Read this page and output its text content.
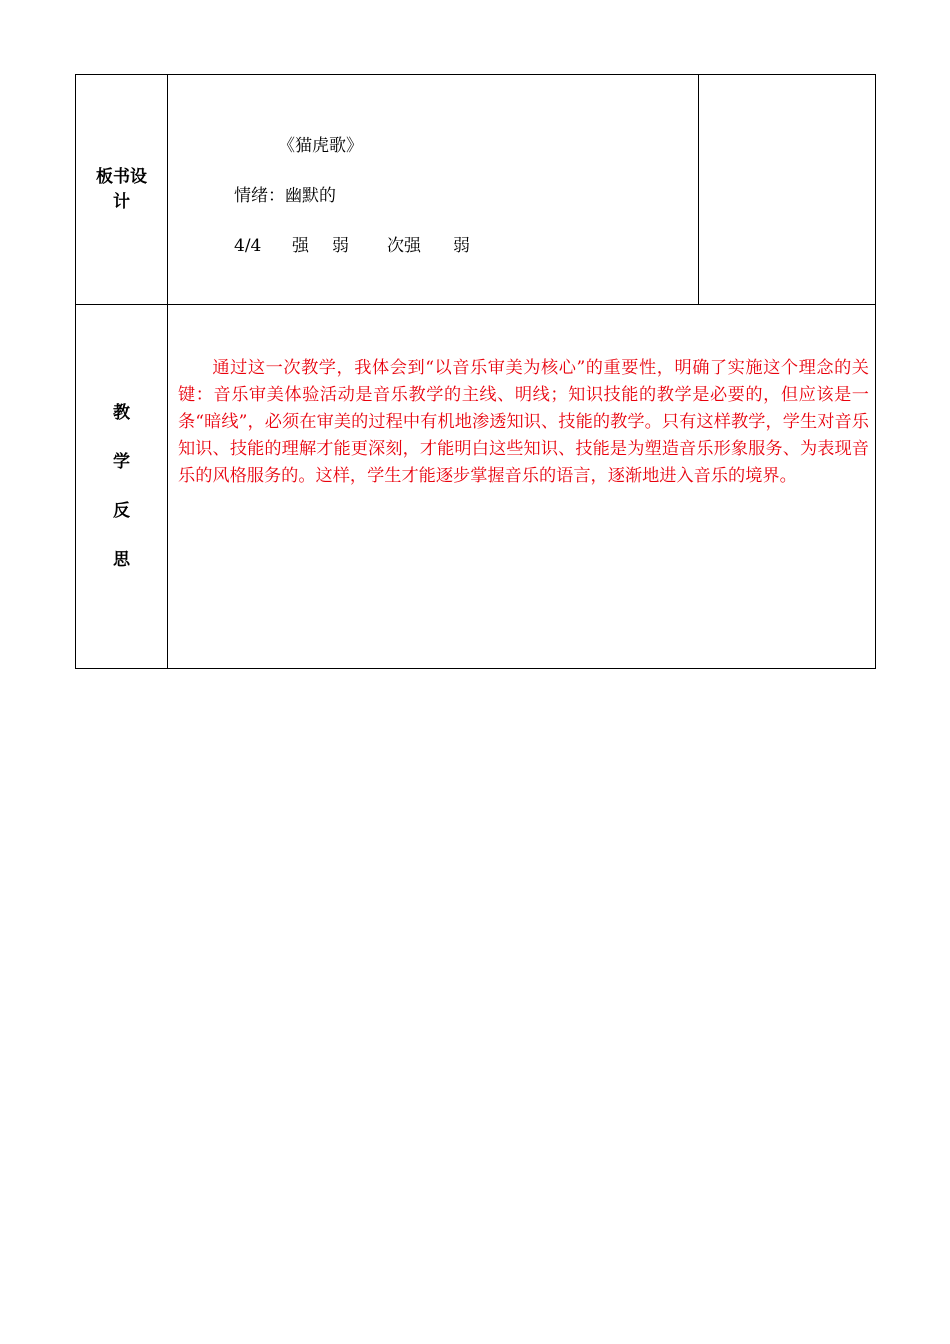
板书设计	《猫虎歌》
情绪：幽默的
4/4 强 弱 次强 弱	

教
学
反
思	通过这一次教学，我体会到“以音乐审美为核心”的重要性，明确了实施这个理念的关键：音乐审美体验活动是音乐教学的主线、明线；知识技能的教学是必要的，但应该是一条“暗线”，必须在审美的过程中有机地渗透知识、技能的教学。只有这样教学，学生对音乐知识、技能的理解才能更深刻，才能明白这些知识、技能是为塑造音乐形象服务、为表现音乐的风格服务的。这样，学生才能逐步掌握音乐的语言，逐渐地进入音乐的境界。	
